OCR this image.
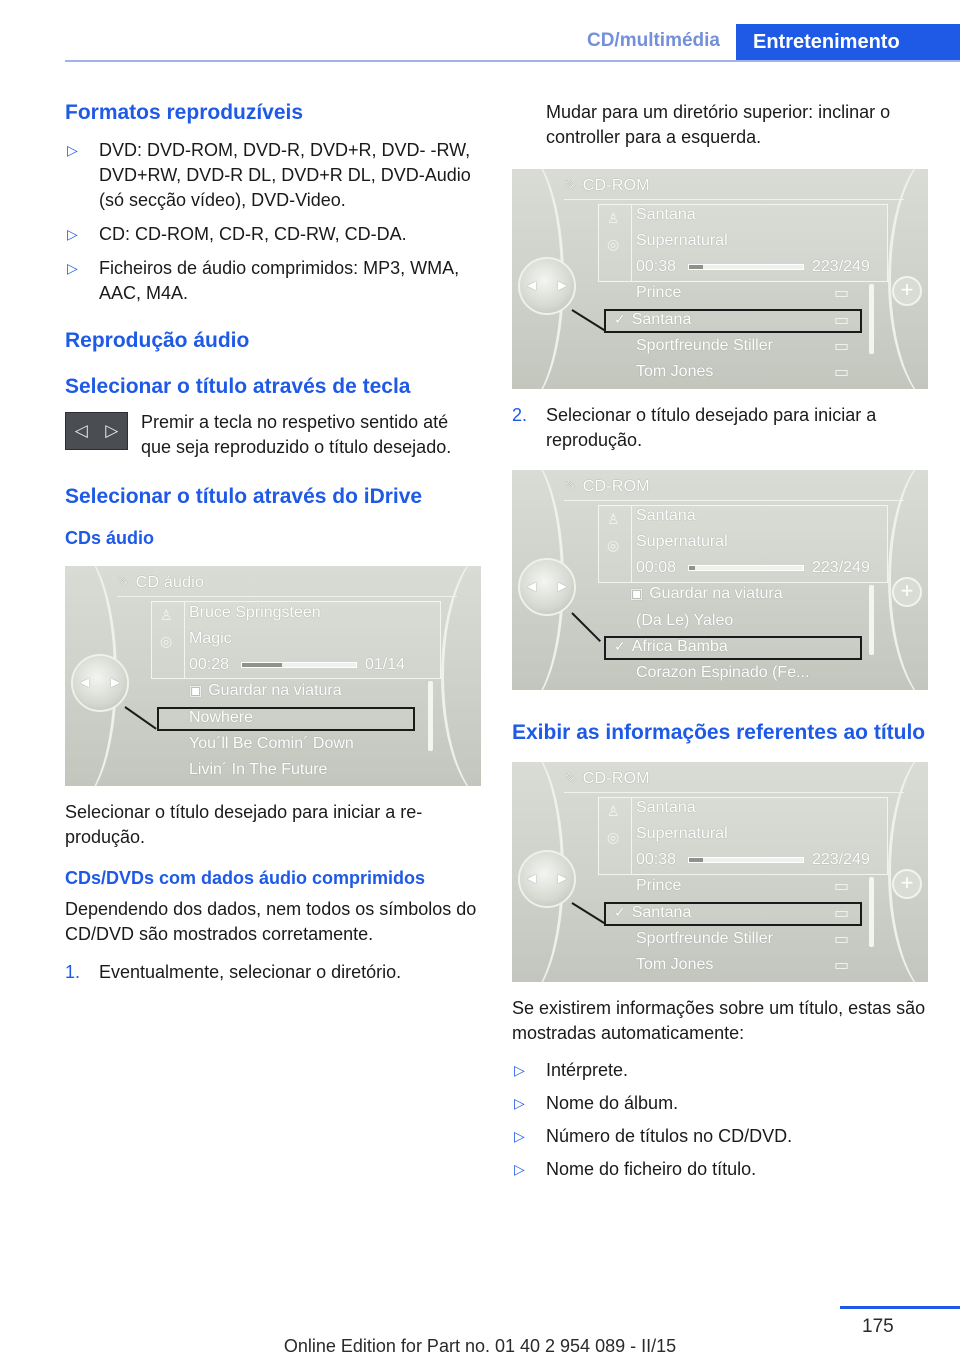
CD/multimédia	Entretenimento
Formatos reproduzíveis
▷ DVD: DVD-ROM, DVD-R, DVD+R, DVD- -RW, DVD+RW, DVD-R DL, DVD+R DL, DVD-Audio (só secção vídeo), DVD-Video.
▷ CD: CD-ROM, CD-R, CD-RW, CD-DA.
▷ Ficheiros de áudio comprimidos: MP3, WMA, AAC, M4A.
Reprodução áudio
Selecionar o título através de tecla
◁ ▷	Premir a tecla no respetivo sentido até que seja reproduzido o título desejado.
Selecionar o título através do iDrive
CDs áudio
✎ CD áudio
♙
◎
Bruce Springsteen
Magic
00:28	01/14
▣ Guardar na viatura
Nowhere
You´ll Be Comin´ Down
Livin´ In The Future
◀ ▶
Selecionar o título desejado para iniciar a reprodução.
CDs/DVDs com dados áudio comprimidos
Dependendo dos dados, nem todos os símbolos do CD/DVD são mostrados corretamente.
1. Eventualmente, selecionar o diretório.
Mudar para um diretório superior: inclinar o controller para a esquerda.
✎ CD-ROM
♙
◎
Santana
Supernatural
00:38	223/249
Prince	▭
✓ Santana	▭
Sportfreunde Stiller	▭
Tom Jones	▭
◀ ▶	+
2. Selecionar o título desejado para iniciar a reprodução.
✎ CD-ROM
♙
◎
Santana
Supernatural
00:08	223/249
▣ Guardar na viatura
(Da Le) Yaleo
✓ Africa Bamba
Corazon Espinado (Fe...
◀ ▶	+
Exibir as informações referentes ao título
✎ CD-ROM
♙
◎
Santana
Supernatural
00:38	223/249
Prince	▭
✓ Santana	▭
Sportfreunde Stiller	▭
Tom Jones	▭
◀ ▶	+
Se existirem informações sobre um título, estas são mostradas automaticamente:
▷ Intérprete.
▷ Nome do álbum.
▷ Número de títulos no CD/DVD.
▷ Nome do ficheiro do título.
175
Online Edition for Part no. 01 40 2 954 089 - II/15
